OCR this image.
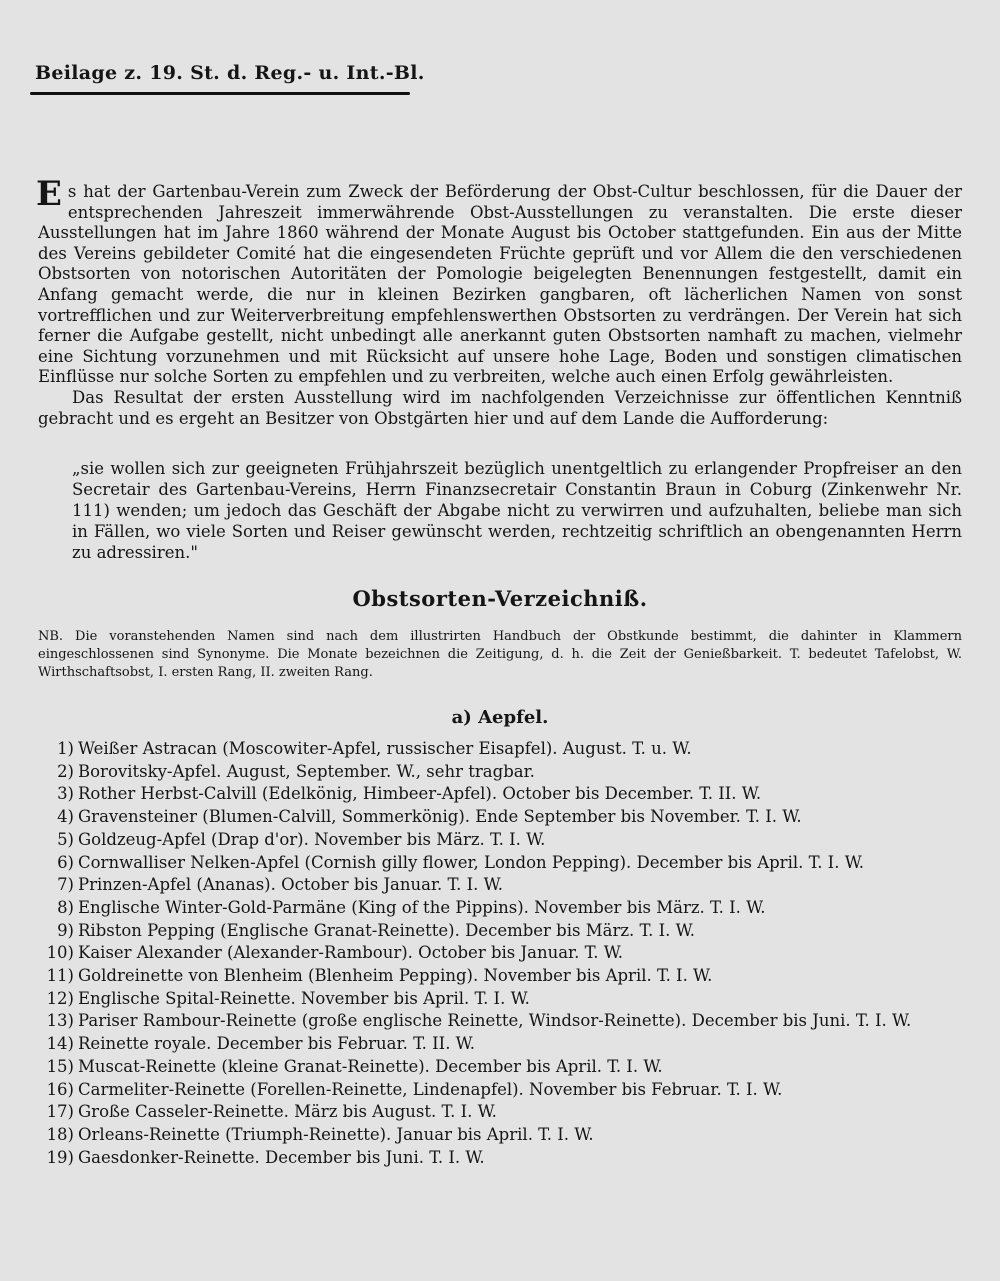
Beilage z. 19. St. d. Reg.- u. Int.-Bl.

Es hat der Gartenbau-Verein zum Zweck der Beförderung der Obst-Cultur beschlossen, für die Dauer der entsprechenden Jahreszeit immerwährende Obst-Ausstellungen zu veranstalten. Die erste dieser Ausstellungen hat im Jahre 1860 während der Monate August bis October stattgefunden. Ein aus der Mitte des Vereins gebildeter Comité hat die eingesendeten Früchte geprüft und vor Allem die den verschiedenen Obstsorten von notorischen Autoritäten der Pomologie beigelegten Benennungen festgestellt, damit ein Anfang gemacht werde, die nur in kleinen Bezirken gangbaren, oft lächerlichen Namen von sonst vortrefflichen und zur Weiterverbreitung empfehlenswerthen Obstsorten zu verdrängen. Der Verein hat sich ferner die Aufgabe gestellt, nicht unbedingt alle anerkannt guten Obstsorten namhaft zu machen, vielmehr eine Sichtung vorzunehmen und mit Rücksicht auf unsere hohe Lage, Boden und sonstigen climatischen Einflüsse nur solche Sorten zu empfehlen und zu verbreiten, welche auch einen Erfolg gewährleisten.

Das Resultat der ersten Ausstellung wird im nachfolgenden Verzeichnisse zur öffentlichen Kenntniß gebracht und es ergeht an Besitzer von Obstgärten hier und auf dem Lande die Aufforderung:

„sie wollen sich zur geeigneten Frühjahrszeit bezüglich unentgeltlich zu erlangender Propfreiser an den Secretair des Gartenbau-Vereins, Herrn Finanzsecretair Constantin Braun in Coburg (Zinkenwehr Nr. 111) wenden; um jedoch das Geschäft der Abgabe nicht zu verwirren und aufzuhalten, beliebe man sich in Fällen, wo viele Sorten und Reiser gewünscht werden, rechtzeitig schriftlich an obengenannten Herrn zu adressiren."
Obstsorten-Verzeichniß.
NB. Die voranstehenden Namen sind nach dem illustrirten Handbuch der Obstkunde bestimmt, die dahinter in Klammern eingeschlossenen sind Synonyme. Die Monate bezeichnen die Zeitigung, d. h. die Zeit der Genießbarkeit. T. bedeutet Tafelobst, W. Wirthschaftsobst, I. ersten Rang, II. zweiten Rang.
a) Aepfel.
1) Weißer Astracan (Moscowiter-Apfel, russischer Eisapfel). August. T. u. W.
2) Borovitsky-Apfel. August, September. W., sehr tragbar.
3) Rother Herbst-Calvill (Edelkönig, Himbeer-Apfel). October bis December. T. II. W.
4) Gravensteiner (Blumen-Calvill, Sommerkönig). Ende September bis November. T. I. W.
5) Goldzeug-Apfel (Drap d'or). November bis März. T. I. W.
6) Cornwalliser Nelken-Apfel (Cornish gilly flower, London Pepping). December bis April. T. I. W.
7) Prinzen-Apfel (Ananas). October bis Januar. T. I. W.
8) Englische Winter-Gold-Parmäne (King of the Pippins). November bis März. T. I. W.
9) Ribston Pepping (Englische Granat-Reinette). December bis März. T. I. W.
10) Kaiser Alexander (Alexander-Rambour). October bis Januar. T. W.
11) Goldreinette von Blenheim (Blenheim Pepping). November bis April. T. I. W.
12) Englische Spital-Reinette. November bis April. T. I. W.
13) Pariser Rambour-Reinette (große englische Reinette, Windsor-Reinette). December bis Juni. T. I. W.
14) Reinette royale. December bis Februar. T. II. W.
15) Muscat-Reinette (kleine Granat-Reinette). December bis April. T. I. W.
16) Carmeliter-Reinette (Forellen-Reinette, Lindenapfel). November bis Februar. T. I. W.
17) Große Casseler-Reinette. März bis August. T. I. W.
18) Orleans-Reinette (Triumph-Reinette). Januar bis April. T. I. W.
19) Gaesdonker-Reinette. December bis Juni. T. I. W.
